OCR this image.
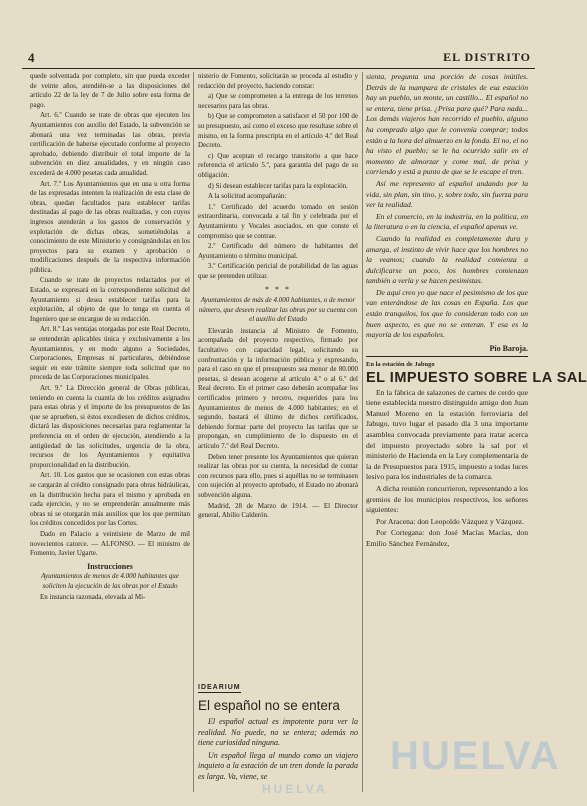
4	EL DISTRITO

quede solventada por completo, sin que pueda exceder de veinte años, atendién-se a las disposiciones del artículo 22 de la ley de 7 de Julio sobre esta forma de pago.

Art. 6.º Cuando se trate de obras que ejecuten los Ayuntamientos con auxilio del Estado, la subvención se abonará una vez terminadas las obras, previa certificación de haberse ejecutado conforme al proyecto aprobado, debiendo distribuir el total importe de la subvención en diez anualidades, y en ningún caso excederá de 4.000 pesetas cada anualidad.

Art. 7.º Los Ayuntamientos que en una u otra forma de las expresadas intenten la realización de esta clase de obras, quedan facultados para establecer tarifas destinadas al pago de las obras realizadas, y con cuyos ingresos atenderán a los gastos de conservación y explotación de dichas obras, sometiéndolas a conocimiento de este Ministerio y consignándolas en los proyectos para su examen y aprobación o modificaciones después de la respectiva información pública.

Cuando se trate de proyectos redactados por el Estado, se expresará en la correspondiente solicitud del Ayuntamiento si desea establecer tarifas para la explotación, al objeto de que lo tenga en cuenta el Ingeniero que se encargue de su redacción.

Art. 8.º Las ventajas otorgadas por este Real Decreto, se entenderán aplicables única y exclusivamente a los Ayuntamientos, y en modo alguno a Sociedades, Corporaciones, Empresas ni particulares, debiéndose seguir en este trámite siempre toda solicitud que no proceda de las Corporaciones municipales.

Art. 9.º La Dirección general de Obras públicas, teniendo en cuenta la cuantía de los créditos asignados para estas obras y el importe de los presupuestos de las que se aprueben, si éstos excediesen de dichos créditos, dictará las disposiciones necesarias para reglamentar la preferencia en el orden de ejecución, atendiendo a la antigüedad de las solicitudes, urgencia de la obra, recursos de los Ayuntamientos y equitativa proporcionalidad en la distribución.

Art. 10. Los gastos que se ocasionen con estas obras se cargarán al crédito consignado para obras hidráulicas, en la distribución hecha para el mismo y aprobada en cada ejercicio, y no se emprenderán anualmente más obras ni se otorgarán más auxilios que los que permitan los créditos concedidos por las Cortes.

Dado en Palacio a veintisiete de Marzo de mil novecientos catorce. — ALFONSO. — El ministro de Fomento, Javier Ugarte.

Instrucciones
Ayuntamientos de menos de 4.000 habitantes que soliciten la ejecución de las obras por el Estado

En instancia razonada, elevada al Mi-

nisterio de Fomento, solicitarán se proceda al estudio y redacción del proyecto, haciendo constar:

a) Que se comprometen a la entrega de los terrenos necesarios para las obras.

b) Que se comprometen a satisfacer el 50 por 100 de su presupuesto, así como el exceso que resultase sobre el mismo, en la forma prescripta en el artículo 4.º del Real Decreto.

c) Que aceptan el recargo transitorio a que hace referencia el artículo 5.º, para garantía del pago de su obligación.

d) Si desean establecer tarifas para la explotación.

A la solicitud acompañarán:

1.º Certificado del acuerdo tomado en sesión extraordinaria, convocada a tal fin y celebrada por el Ayuntamiento y Vocales asociados, en que conste el compromiso que se contrae.

2.º Certificado del número de habitantes del Ayuntamiento o término municipal.

3.º Certificación pericial de potabilidad de las aguas que se pretenden utilizar.

* * *
Ayuntamientos de más de 4.000 habitantes, o de menor número, que deseen realizar las obras por su cuenta con el auxilio del Estado

Elevarán instancia al Ministro de Fomento, acompañada del proyecto respectivo, firmado por facultativo con capacidad legal, solicitando su confrontación y la información pública y expresando, para el caso en que el presupuesto sea menor de 80.000 pesetas, si desean acogerse al artículo 4.º o al 6.º del Real decreto. En el primer caso deberán acompañar los certificados primero y tercero, requeridos para los Ayuntamientos de menos de 4.000 habitantes; en el segundo, bastará el último de dichos certificados, debiendo formar parte del proyecto las tarifas que se propongan, en cumplimiento de lo dispuesto en el artículo 7.º del Real Decreto.

Deben tener presente los Ayuntamientos que quieran realizar las obras por su cuenta, la necesidad de contar con recursos para ello, pues si aquéllas no se terminasen con sujeción al proyecto aprobado, el Estado no abonará subvención alguna.

Madrid, 28 de Marzo de 1914. — El Director general, Abilio Calderón.

IDEARIUM
El español no se entera

El español actual es impotente para ver la realidad. No puede, no se entera; además no tiene curiosidad ninguna.

Un español llega al mundo como un viajero inquieto a la estación de un tren donde la parada es larga. Va, viene, se

sienta, pregunta una porción de cosas inútiles. Detrás de la mampara de cristales de esa estación hay un pueblo, un monte, un castillo... El español no se entera, tiene prisa. ¿Prisa para qué? Para nada... Los demás viajeros han recorrido el pueblo, alguno ha comprado algo que le convenía comprar; todos están a la hora del almuerzo en la fonda. El no, el no ha visto el pueblo; se le ha ocurrido salir en el momento de almorzar y come mal, de prisa y corriendo y está a punto de que se le escape el tren.

Así me represento al español andando por la vida, sin plan, sin tino, y, sobre todo, sin fuerza para ver la realidad.

En el comercio, en la industria, en la política, en la literatura o en la ciencia, el español apenas ve.

Cuando la realidad es completamente dura y amarga, el instinto de vivir hace que los hombres no la veamos; cuando la realidad comienza a dulcificarse un poco, los hombres comienzan también a verla y se hacen pesimistas.

De aquí creo yo que nace el pesimismo de los que van enterándose de las cosas en España. Los que están tranquilos, los que lo consideran todo con un buen aspecto, es que no se enteran. Y esa es la mayoría de los españoles.

Pío Baroja.
En la estación de Jabugo
EL IMPUESTO SOBRE LA SAL

En la fábrica de salazones de carnes de cerdo que tiene establecida nuestro distinguido amigo don Juan Manuel Moreno en la estación ferroviaria del Jabugo, tuvo lugar el pasado día 3 una importante asamblea convocada previamente para tratar acerca del impuesto proyectado sobre la sal por el ministerio de Hacienda en la Ley complementaria de la de Presupuestos para 1915, impuesto a todas luces lesivo para los industriales de la comarca.

A dicha reunión concurrieron, representando a los gremios de los municipios respectivos, los señores siguientes:

Por Aracena: don Leopoldo Vázquez y Vázquez.

Por Cortegana: don José Macías Macías, don Emilio Sánchez Fernández,

HUELVA
HUELVA
